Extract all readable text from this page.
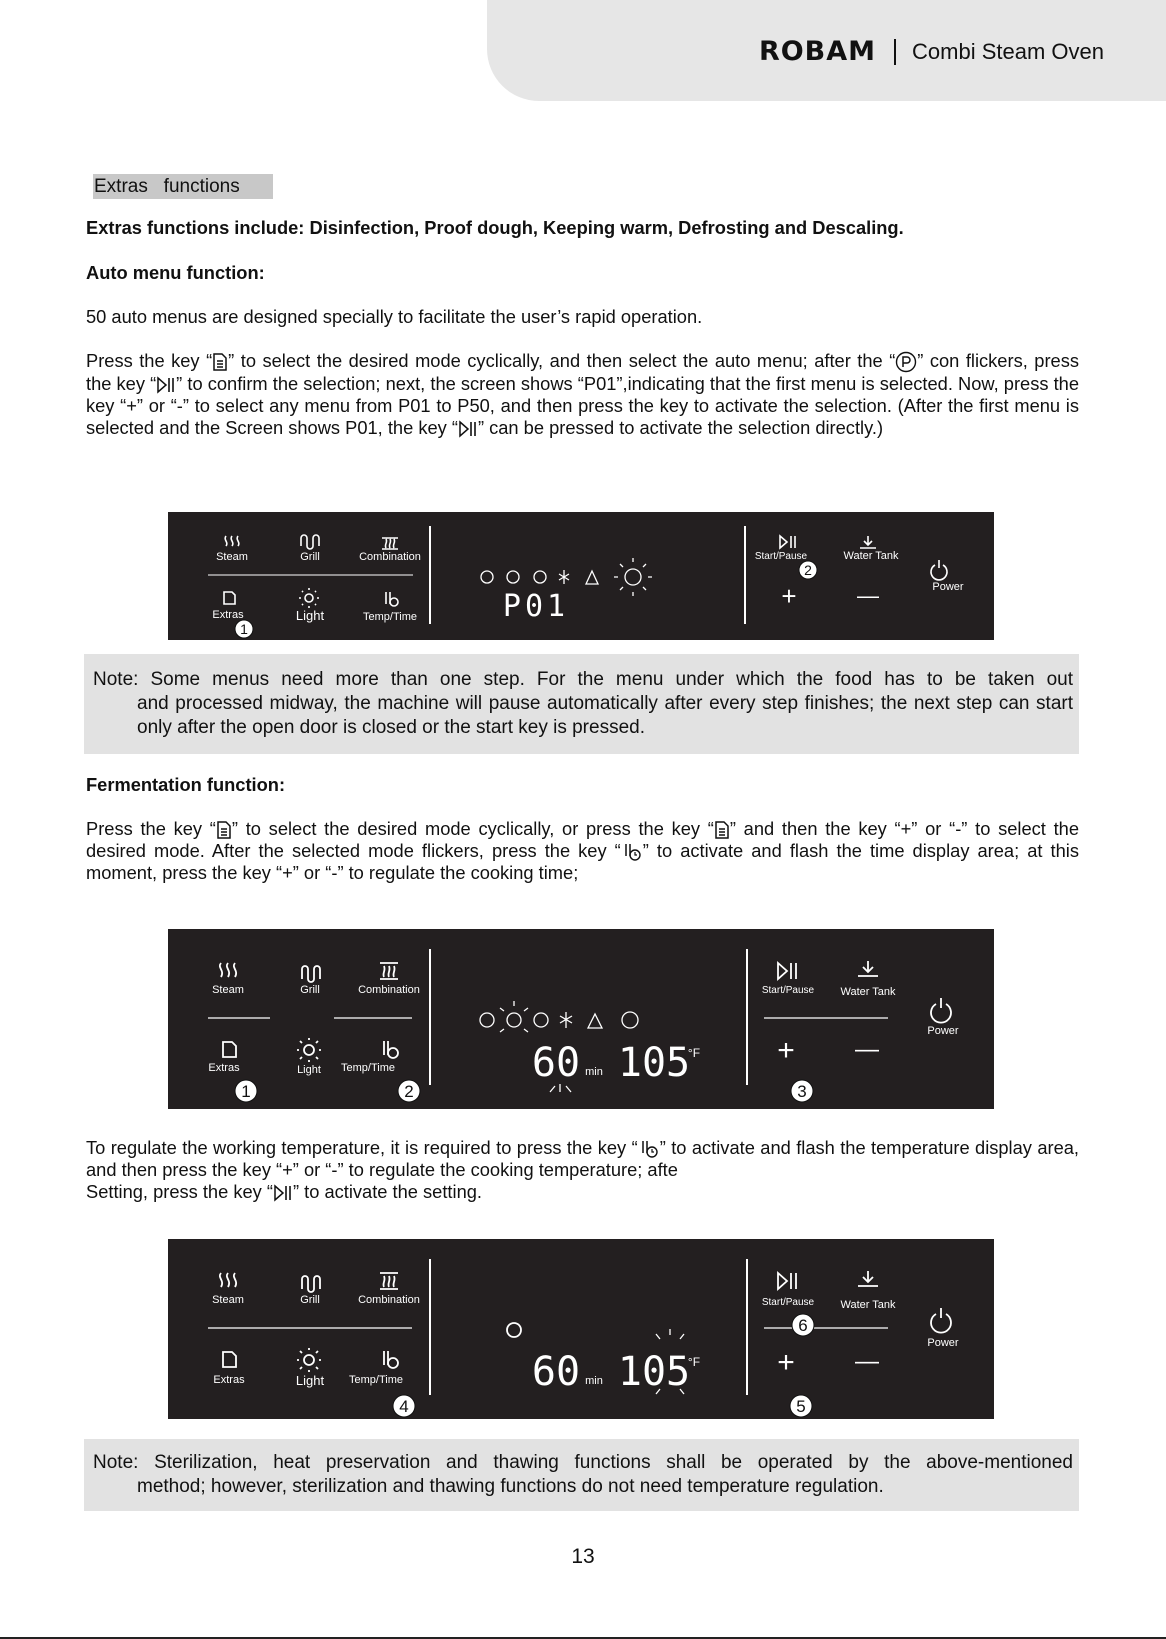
ROBAM Combi Steam Oven
Extras   functions

Extras functions include: Disinfection, Proof dough, Keeping warm, Defrosting and Descaling.

Auto menu function:

50 auto menus are designed specially to facilitate the user’s rapid operation.

Press the key “ ” to select the desired mode cyclically, and then select the auto menu; after the “ ” con flickers, press the key “ ” to confirm the selection; next, the screen shows “P01”,indicating that the first menu is selected. Now, press the key “+” or “-” to select any menu from P01 to P50, and then press the key to activate the selection. (After the first menu is selected and the Screen shows P01, the key “ ” can be pressed to activate the selection directly.)

Steam	Grill	Combination
Extras	Light	Temp/Time
Start/Pause	Water Tank
Power
+	—
P01
1
2
Note: Some menus need more than one step. For the menu under which the food has to be taken out
and processed midway, the machine will pause automatically after every step finishes; the next step can start only after the open door is closed or the start key is pressed.

Fermentation function:

Press the key “ ” to select the desired mode cyclically, or press the key “ ” and then the key “+” or “-” to select the desired mode. After the selected mode flickers, press the key “ ” to activate and flash the time display area; at this moment, press the key “+” or “-” to regulate the cooking time;

Steam	Grill	Combination
Extras	Light Temp/Time
Start/Pause Water Tank
Power
+	—
60 min 105
°F
1	2	3

To regulate the working temperature, it is required to press the key “ ” to activate and flash the temperature display area, and then press the key “+” or “-” to regulate the cooking temperature; afte
Setting, press the key “ ” to activate the setting.

Steam	Grill	Combination
Extras	Light Temp/Time
Start/Pause Water Tank
Power
+	—
60 min 105
°F
4	5
6
Note: Sterilization, heat preservation and thawing functions shall be operated by the above-mentioned
method; however, sterilization and thawing functions do not need temperature regulation.
13
